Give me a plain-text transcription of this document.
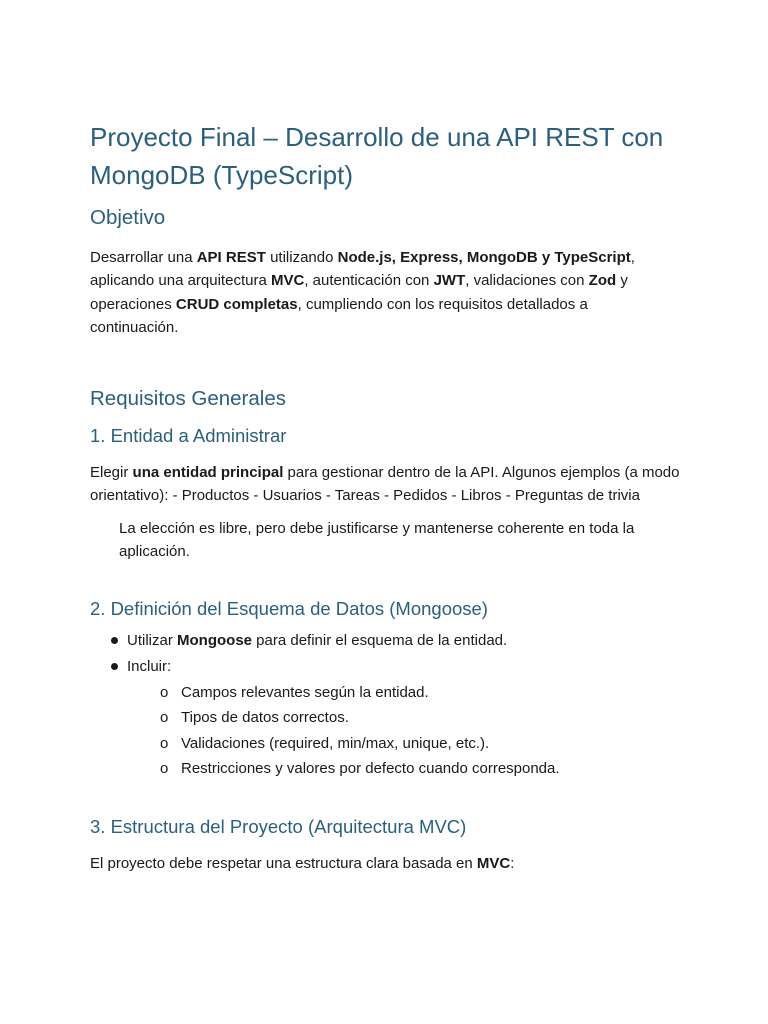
Proyecto Final – Desarrollo de una API REST con MongoDB (TypeScript)
Objetivo

Desarrollar una API REST utilizando Node.js, Express, MongoDB y TypeScript, aplicando una arquitectura MVC, autenticación con JWT, validaciones con Zod y operaciones CRUD completas, cumpliendo con los requisitos detallados a continuación.

Requisitos Generales
1. Entidad a Administrar

Elegir una entidad principal para gestionar dentro de la API. Algunos ejemplos (a modo orientativo): - Productos - Usuarios - Tareas - Pedidos - Libros - Preguntas de trivia

La elección es libre, pero debe justificarse y mantenerse coherente en toda la aplicación.

2. Definición del Esquema de Datos (Mongoose)
Utilizar Mongoose para definir el esquema de la entidad.
Incluir:
o Campos relevantes según la entidad.
o Tipos de datos correctos.
o Validaciones (required, min/max, unique, etc.).
o Restricciones y valores por defecto cuando corresponda.
3. Estructura del Proyecto (Arquitectura MVC)

El proyecto debe respetar una estructura clara basada en MVC:
